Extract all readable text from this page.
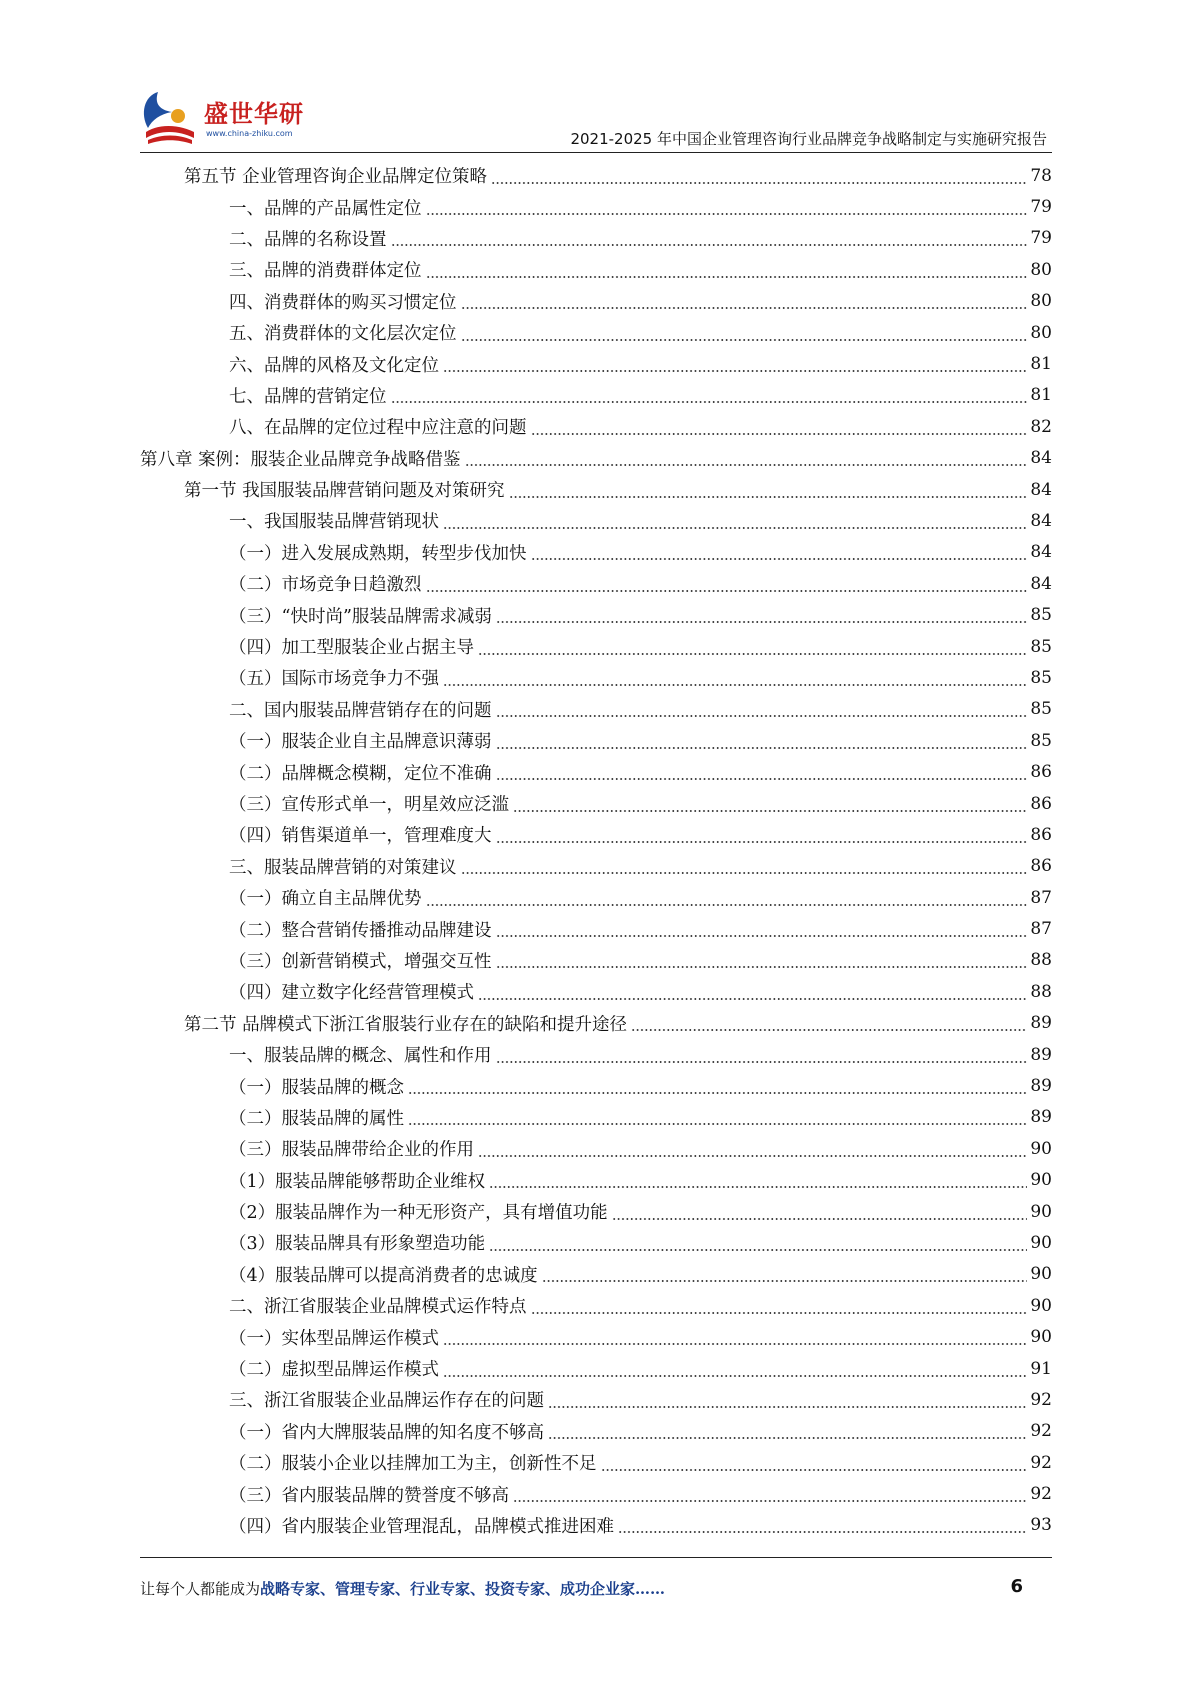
盛世华研
www.china-zhiku.com	2021-2025 年中国企业管理咨询行业品牌竞争战略制定与实施研究报告
第五节 企业管理咨询企业品牌定位策略	78
一、品牌的产品属性定位	79
二、品牌的名称设置	79
三、品牌的消费群体定位	80
四、消费群体的购买习惯定位	80
五、消费群体的文化层次定位	80
六、品牌的风格及文化定位	81
七、品牌的营销定位	81
八、在品牌的定位过程中应注意的问题	82
第八章 案例：服装企业品牌竞争战略借鉴	84
第一节 我国服装品牌营销问题及对策研究	84
一、我国服装品牌营销现状	84
（一）进入发展成熟期，转型步伐加快	84
（二）市场竞争日趋激烈	84
（三）“快时尚”服装品牌需求减弱	85
（四）加工型服装企业占据主导	85
（五）国际市场竞争力不强	85
二、国内服装品牌营销存在的问题	85
（一）服装企业自主品牌意识薄弱	85
（二）品牌概念模糊，定位不准确	86
（三）宣传形式单一，明星效应泛滥	86
（四）销售渠道单一，管理难度大	86
三、服装品牌营销的对策建议	86
（一）确立自主品牌优势	87
（二）整合营销传播推动品牌建设	87
（三）创新营销模式，增强交互性	88
（四）建立数字化经营管理模式	88
第二节 品牌模式下浙江省服装行业存在的缺陷和提升途径	89
一、服装品牌的概念、属性和作用	89
（一）服装品牌的概念	89
（二）服装品牌的属性	89
（三）服装品牌带给企业的作用	90
（1）服装品牌能够帮助企业维权	90
（2）服装品牌作为一种无形资产，具有增值功能	90
（3）服装品牌具有形象塑造功能	90
（4）服装品牌可以提高消费者的忠诚度	90
二、浙江省服装企业品牌模式运作特点	90
（一）实体型品牌运作模式	90
（二）虚拟型品牌运作模式	91
三、浙江省服装企业品牌运作存在的问题	92
（一）省内大牌服装品牌的知名度不够高	92
（二）服装小企业以挂牌加工为主，创新性不足	92
（三）省内服装品牌的赞誉度不够高	92
（四）省内服装企业管理混乱，品牌模式推进困难	93
让每个人都能成为战略专家、管理专家、行业专家、投资专家、成功企业家……	6
